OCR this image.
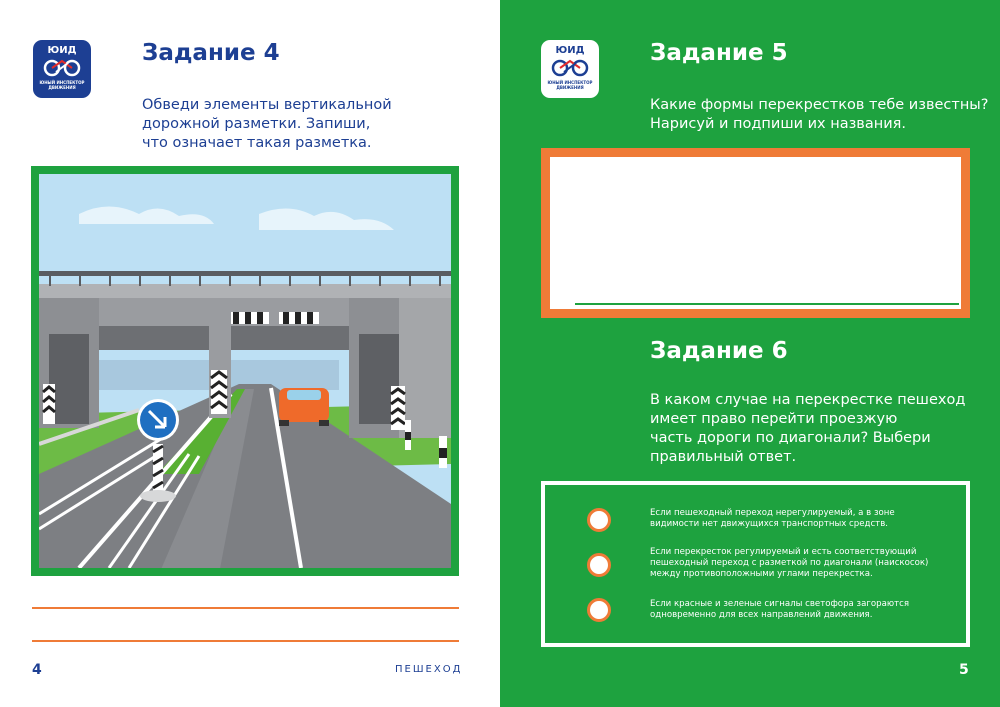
ЮИД
ЮНЫЙ ИНСПЕКТОР ДВИЖЕНИЯ
Задание 4
Обведи элементы вертикальной
дорожной разметки. Запиши,
что означает такая разметка.
4	ПЕШЕХОД
ЮИД
ЮНЫЙ ИНСПЕКТОР ДВИЖЕНИЯ
Задание 5
Какие формы перекрестков тебе известны?
Нарисуй и подпиши их названия.
Задание 6
В каком случае на перекрестке пешеход
имеет право перейти проезжую
часть дороги по диагонали? Выбери
правильный ответ.
Если пешеходный переход нерегулируемый, а в зоне
видимости нет движущихся транспортных средств.
Если перекресток регулируемый и есть соответствующий
пешеходный переход с разметкой по диагонали (наискосок)
между противоположными углами перекрестка.
Если красные и зеленые сигналы светофора загораются
одновременно для всех направлений движения.
5
